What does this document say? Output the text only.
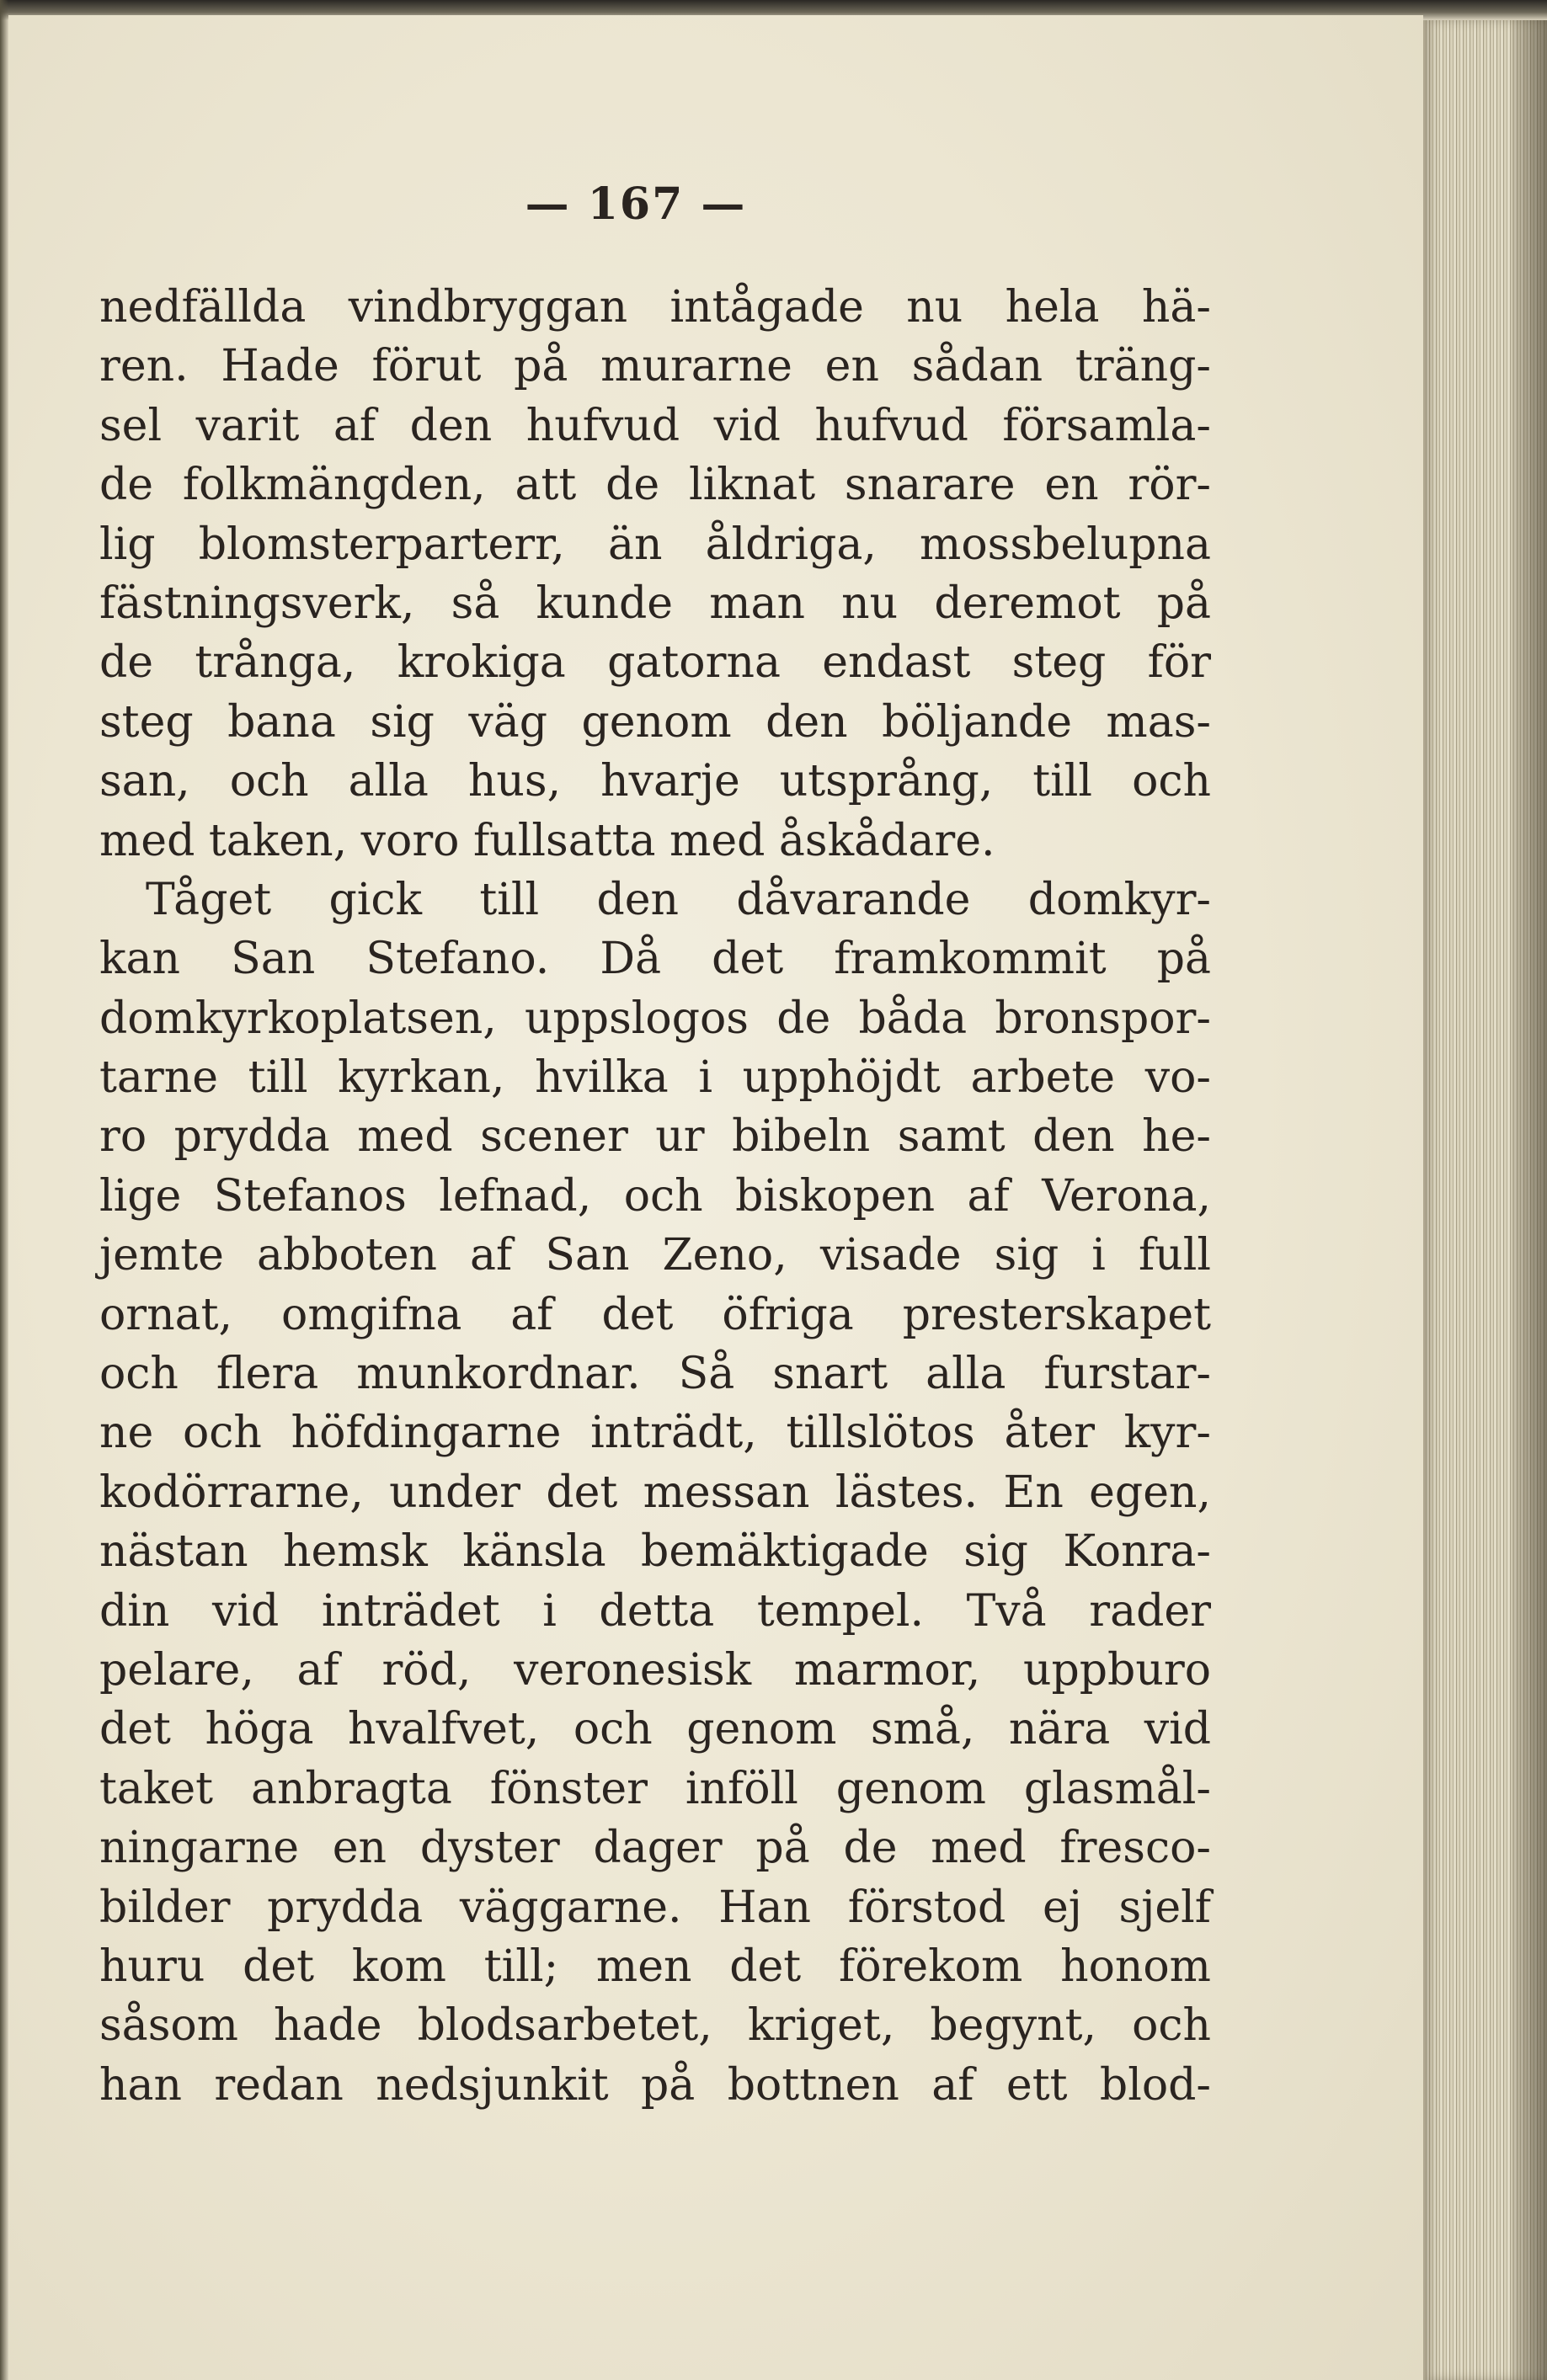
— 167 —
nedfällda vindbryggan intågade nu hela hä-
ren. Hade förut på murarne en sådan träng-
sel varit af den hufvud vid hufvud församla-
de folkmängden, att de liknat snarare en rör-
lig blomsterparterr, än åldriga, mossbelupna
fästningsverk, så kunde man nu deremot på
de trånga, krokiga gatorna endast steg för
steg bana sig väg genom den böljande mas-
san, och alla hus, hvarje utsprång, till och
med taken, voro fullsatta med åskådare.
Tåget gick till den dåvarande domkyr-
kan San Stefano. Då det framkommit på
domkyrkoplatsen, uppslogos de båda bronspor-
tarne till kyrkan, hvilka i upphöjdt arbete vo-
ro prydda med scener ur bibeln samt den he-
lige Stefanos lefnad, och biskopen af Verona,
jemte abboten af San Zeno, visade sig i full
ornat, omgifna af det öfriga presterskapet
och flera munkordnar. Så snart alla furstar-
ne och höfdingarne inträdt, tillslötos åter kyr-
kodörrarne, under det messan lästes. En egen,
nästan hemsk känsla bemäktigade sig Konra-
din vid inträdet i detta tempel. Två rader
pelare, af röd, veronesisk marmor, uppburo
det höga hvalfvet, och genom små, nära vid
taket anbragta fönster inföll genom glasmål-
ningarne en dyster dager på de med fresco-
bilder prydda väggarne. Han förstod ej sjelf
huru det kom till; men det förekom honom
såsom hade blodsarbetet, kriget, begynt, och
han redan nedsjunkit på bottnen af ett blod-
